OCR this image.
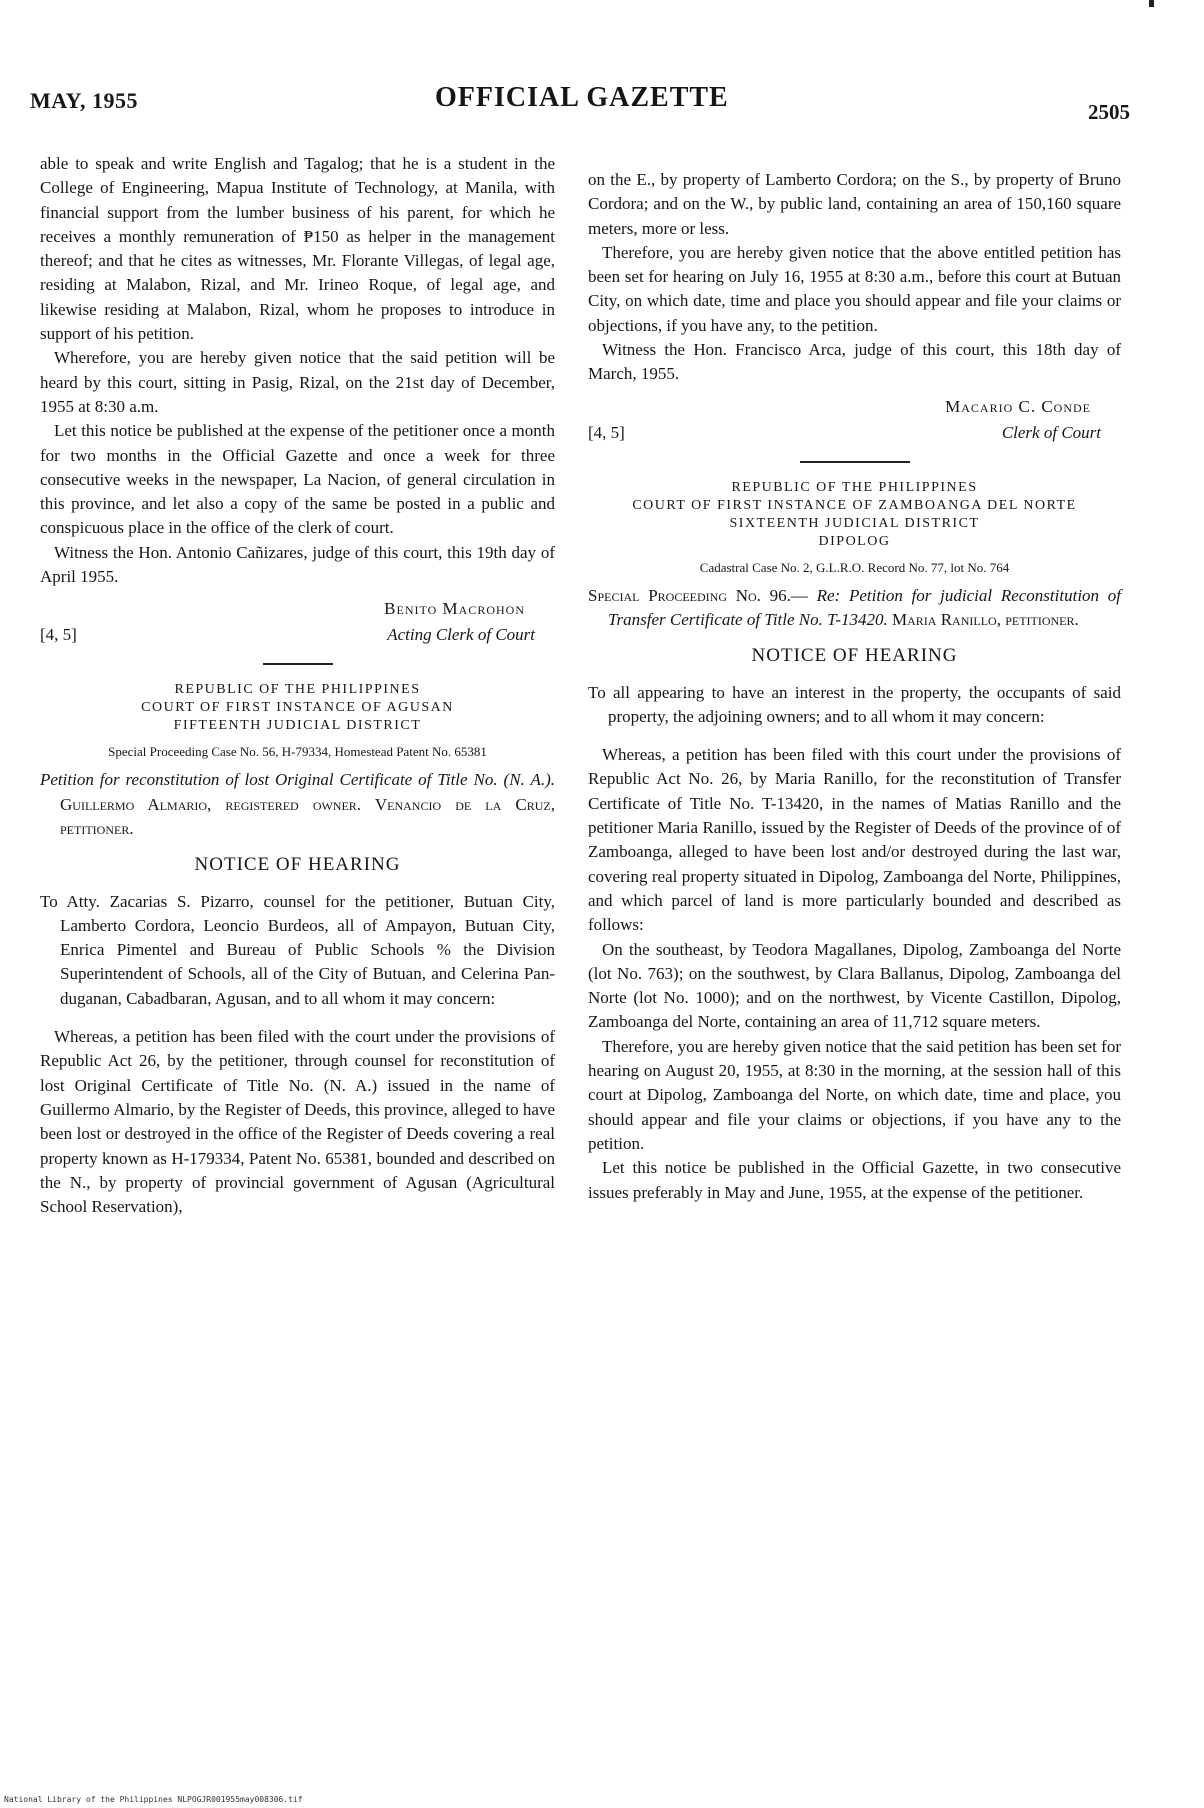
MAY, 1955	OFFICIAL GAZETTE	2505

able to speak and write English and Tagalog; that he is a student in the College of Engineering, Mapua Institute of Technology, at Manila, with financial support from the lumber business of his parent, for which he receives a monthly remuneration of ₱150 as helper in the management thereof; and that he cites as witnesses, Mr. Florante Villegas, of legal age, residing at Malabon, Rizal, and Mr. Irineo Roque, of legal age, and likewise residing at Malabon, Rizal, whom he proposes to introduce in support of his petition.

Wherefore, you are hereby given notice that the said petition will be heard by this court, sitting in Pasig, Rizal, on the 21st day of December, 1955 at 8:30 a.m.

Let this notice be published at the expense of the petitioner once a month for two months in the Official Gazette and once a week for three consecutive weeks in the newspaper, La Nacion, of general circulation in this province, and let also a copy of the same be posted in a public and conspicuous place in the office of the clerk of court.

Witness the Hon. Antonio Cañizares, judge of this court, this 19th day of April 1955.

Benito Macrohon
[4, 5]	Acting Clerk of Court
REPUBLIC OF THE PHILIPPINES
COURT OF FIRST INSTANCE OF AGUSAN
FIFTEENTH JUDICIAL DISTRICT
Special Proceeding Case No. 56, H-79334, Homestead Patent No. 65381
Petition for reconstitution of lost Original Certificate of Title No. (N. A.). Guillermo Almario, registered owner. Venancio de la Cruz, petitioner.
NOTICE OF HEARING

To Atty. Zacarias S. Pizarro, counsel for the petitioner, Butuan City, Lamberto Cordora, Leoncio Burdeos, all of Ampayon, Butuan City, Enrica Pimentel and Bureau of Public Schools % the Division Superintendent of Schools, all of the City of Butuan, and Celerina Pan-duganan, Cabadbaran, Agusan, and to all whom it may concern:

Whereas, a petition has been filed with the court under the provisions of Republic Act 26, by the petitioner, through counsel for reconstitution of lost Original Certificate of Title No. (N. A.) issued in the name of Guillermo Almario, by the Register of Deeds, this province, alleged to have been lost or destroyed in the office of the Register of Deeds covering a real property known as H-179334, Patent No. 65381, bounded and described on the N., by property of provincial government of Agusan (Agricultural School Reservation),

on the E., by property of Lamberto Cordora; on the S., by property of Bruno Cordora; and on the W., by public land, containing an area of 150,160 square meters, more or less.

Therefore, you are hereby given notice that the above entitled petition has been set for hearing on July 16, 1955 at 8:30 a.m., before this court at Butuan City, on which date, time and place you should appear and file your claims or objections, if you have any, to the petition.

Witness the Hon. Francisco Arca, judge of this court, this 18th day of March, 1955.

Macario C. Conde
[4, 5]	Clerk of Court
REPUBLIC OF THE PHILIPPINES
COURT OF FIRST INSTANCE OF ZAMBOANGA DEL NORTE
SIXTEENTH JUDICIAL DISTRICT
DIPOLOG
Cadastral Case No. 2, G.L.R.O. Record No. 77, lot No. 764
Special Proceeding No. 96.— Re: Petition for judicial Reconstitution of Transfer Certificate of Title No. T-13420. Maria Ranillo, petitioner.
NOTICE OF HEARING

To all appearing to have an interest in the property, the occupants of said property, the adjoining owners; and to all whom it may concern:

Whereas, a petition has been filed with this court under the provisions of Republic Act No. 26, by Maria Ranillo, for the reconstitution of Transfer Certificate of Title No. T-13420, in the names of Matias Ranillo and the petitioner Maria Ranillo, issued by the Register of Deeds of the province of of Zamboanga, alleged to have been lost and/or destroyed during the last war, covering real property situated in Dipolog, Zamboanga del Norte, Philippines, and which parcel of land is more particularly bounded and described as follows:

On the southeast, by Teodora Magallanes, Dipolog, Zamboanga del Norte (lot No. 763); on the southwest, by Clara Ballanus, Dipolog, Zamboanga del Norte (lot No. 1000); and on the northwest, by Vicente Castillon, Dipolog, Zamboanga del Norte, containing an area of 11,712 square meters.

Therefore, you are hereby given notice that the said petition has been set for hearing on August 20, 1955, at 8:30 in the morning, at the session hall of this court at Dipolog, Zamboanga del Norte, on which date, time and place, you should appear and file your claims or objections, if you have any to the petition.

Let this notice be published in the Official Gazette, in two consecutive issues preferably in May and June, 1955, at the expense of the petitioner.

National Library of the Philippines NLPOGJR001955may008306.tif
